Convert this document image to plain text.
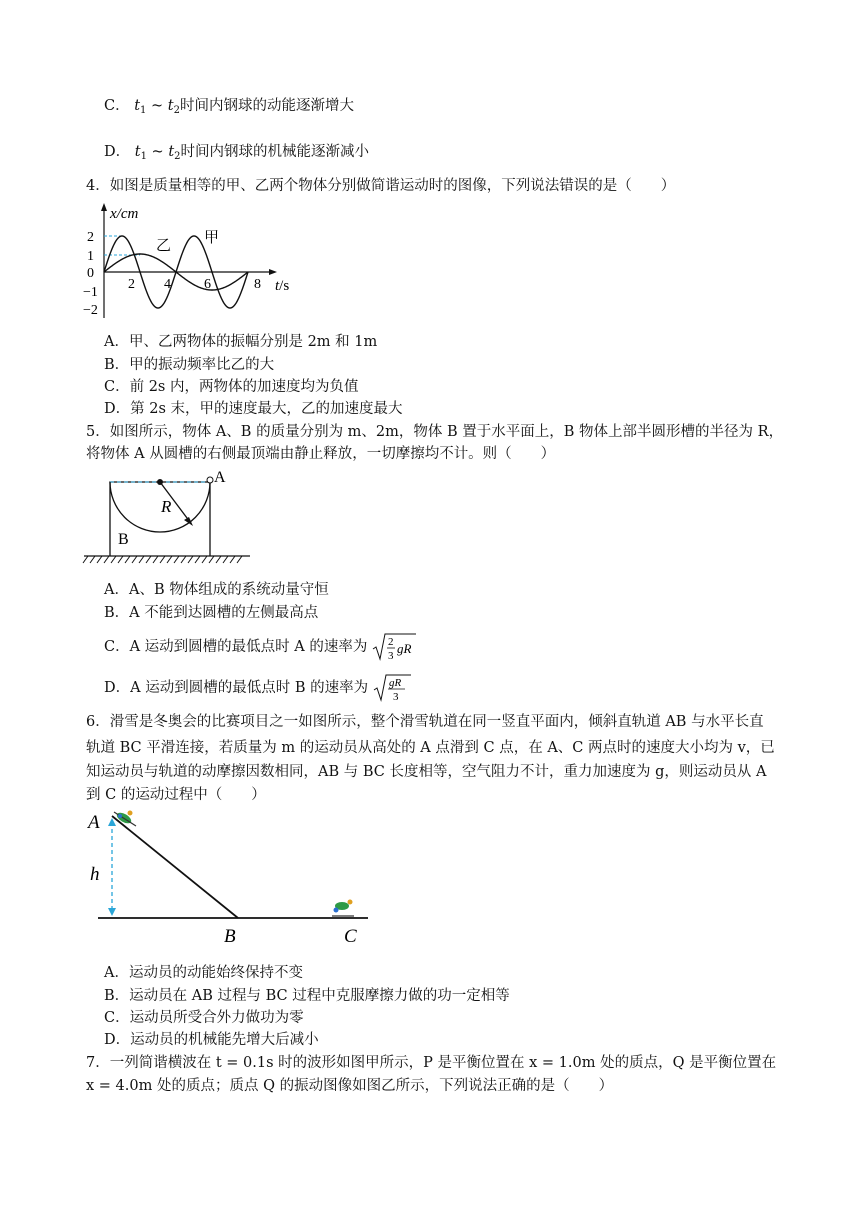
C． $t_1$ ~ $t_2$时间内钢球的动能逐渐增大
D． $t_1$ ~ $t_2$时间内钢球的机械能逐渐减小
4．如图是质量相等的甲、乙两个物体分别做简谐运动时的图像，下列说法错误的是（　　）
x/cm
t/s
2
1
0
−1
−2
2 4 6	8
甲
乙
A．甲、乙两物体的振幅分别是 2m 和 1m
B．甲的振动频率比乙的大
C．前 2s 内，两物体的加速度均为负值
D．第 2s 末，甲的速度最大，乙的加速度最大
5．如图所示，物体 A、B 的质量分别为 m、2m，物体 B 置于水平面上，B 物体上部半圆形槽的半径为 R，
将物体 A 从圆槽的右侧最顶端由静止释放，一切摩擦均不计。则（　　）
A
B
R
A．A、B 物体组成的系统动量守恒
B．A 不能到达圆槽的左侧最高点
C．A 运动到圆槽的最低点时 A 的速率为 2
3 gR
D．A 运动到圆槽的最低点时 B 的速率为 gR
3
6．滑雪是冬奥会的比赛项目之一如图所示，整个滑雪轨道在同一竖直平面内，倾斜直轨道 AB 与水平长直
轨道 BC 平滑连接，若质量为 m 的运动员从高处的 A 点滑到 C 点，在 A、C 两点时的速度大小均为 v，已
知运动员与轨道的动摩擦因数相同，AB 与 BC 长度相等，空气阻力不计，重力加速度为 g，则运动员从 A
到 C 的运动过程中（　　）
A
h
B	C
A．运动员的动能始终保持不变
B．运动员在 AB 过程与 BC 过程中克服摩擦力做的功一定相等
C．运动员所受合外力做功为零
D．运动员的机械能先增大后减小
7．一列简谐横波在 t = 0.1s 时的波形如图甲所示，P 是平衡位置在 x = 1.0m 处的质点，Q 是平衡位置在
x = 4.0m 处的质点；质点 Q 的振动图像如图乙所示，下列说法正确的是（　　）
